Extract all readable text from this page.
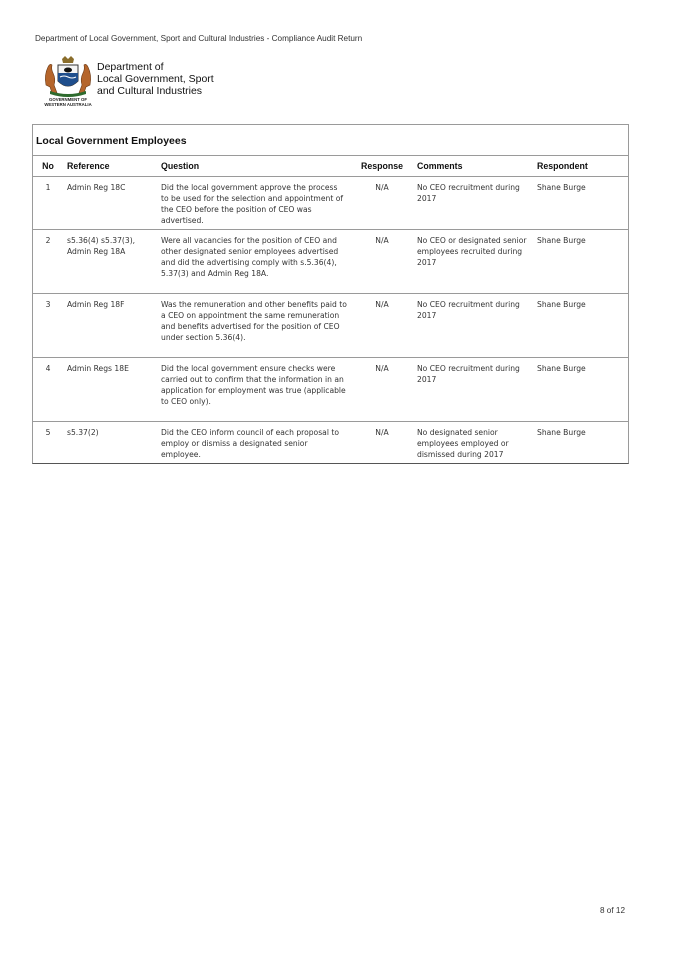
Department of Local Government, Sport and Cultural Industries - Compliance Audit Return
GOVERNMENT OF
WESTERN AUSTRALIA
Department of
Local Government, Sport
and Cultural Industries
Local Government Employees
No	Reference	Question	Response	Comments	Respondent
1	Admin Reg 18C	Did the local government approve the process to be used for the selection and appointment of the CEO before the position of CEO was advertised.	N/A	No CEO recruitment during 2017	Shane Burge
2	s5.36(4) s5.37(3), Admin Reg 18A	Were all vacancies for the position of CEO and other designated senior employees advertised and did the advertising comply with s.5.36(4), 5.37(3) and Admin Reg 18A.	N/A	No CEO or designated senior employees recruited during 2017	Shane Burge
3	Admin Reg 18F	Was the remuneration and other benefits paid to a CEO on appointment the same remuneration and benefits advertised for the position of CEO under section 5.36(4).	N/A	No CEO recruitment during 2017	Shane Burge
4	Admin Regs 18E	Did the local government ensure checks were carried out to confirm that the information in an application for employment was true (applicable to CEO only).	N/A	No CEO recruitment during 2017	Shane Burge
5	s5.37(2)	Did the CEO inform council of each proposal to employ or dismiss a designated senior employee.	N/A	No designated senior employees employed or dismissed during 2017	Shane Burge
8 of 12
